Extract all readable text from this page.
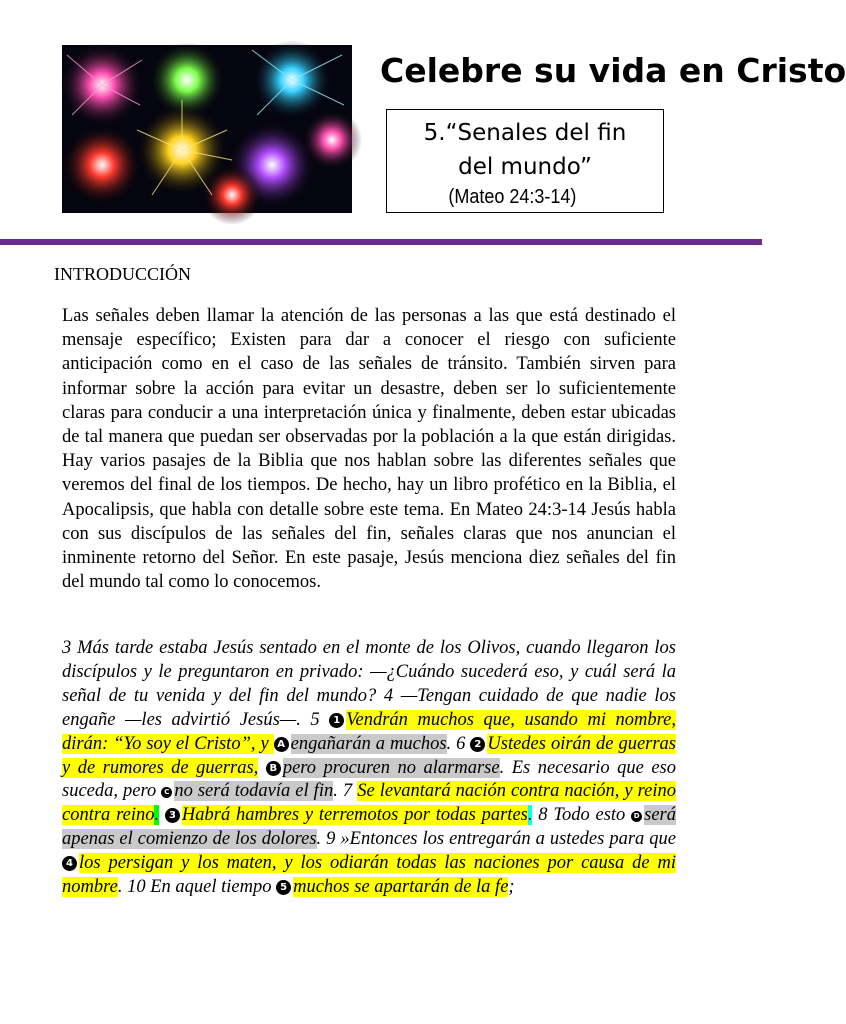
Celebre su vida en Cristo
5.“Senales del fin
del mundo”
(Mateo 24:3-14)
INTRODUCCIÓN

Las señales deben llamar la atención de las personas a las que está destinado el mensaje específico; Existen para dar a conocer el riesgo con suficiente anticipación como en el caso de las señales de tránsito. También sirven para informar sobre la acción para evitar un desastre, deben ser lo suficientemente claras para conducir a una interpretación única y finalmente, deben estar ubicadas de tal manera que puedan ser observadas por la población a la que están dirigidas. Hay varios pasajes de la Biblia que nos hablan sobre las diferentes señales que veremos del final de los tiempos. De hecho, hay un libro profético en la Biblia, el Apocalipsis, que habla con detalle sobre este tema. En Mateo 24:3-14 Jesús habla con sus discípulos de las señales del fin, señales claras que nos anuncian el inminente retorno del Señor. En este pasaje, Jesús menciona diez señales del fin del mundo tal como lo conocemos.

3 Más tarde estaba Jesús sentado en el monte de los Olivos, cuando llegaron los discípulos y le preguntaron en privado: —¿Cuándo sucederá eso, y cuál será la señal de tu venida y del fin del mundo? 4 —Tengan cuidado de que nadie los engañe —les advirtió Jesús—. 5 1 Vendrán muchos que, usando mi nombre, dirán: “Yo soy el Cristo”, y A engañarán a muchos. 6 2 Ustedes oirán de guerras y de rumores de guerras, B pero procuren no alarmarse. Es necesario que eso suceda, pero C no será todavía el fin. 7 Se levantará nación contra nación, y reino contra reino. 3 Habrá hambres y terremotos por todas partes. 8 Todo esto D será apenas el comienzo de los dolores. 9 »Entonces los entregarán a ustedes para que 4 los persigan y los maten, y los odiarán todas las naciones por causa de mi nombre. 10 En aquel tiempo 5 muchos se apartarán de la fe;
